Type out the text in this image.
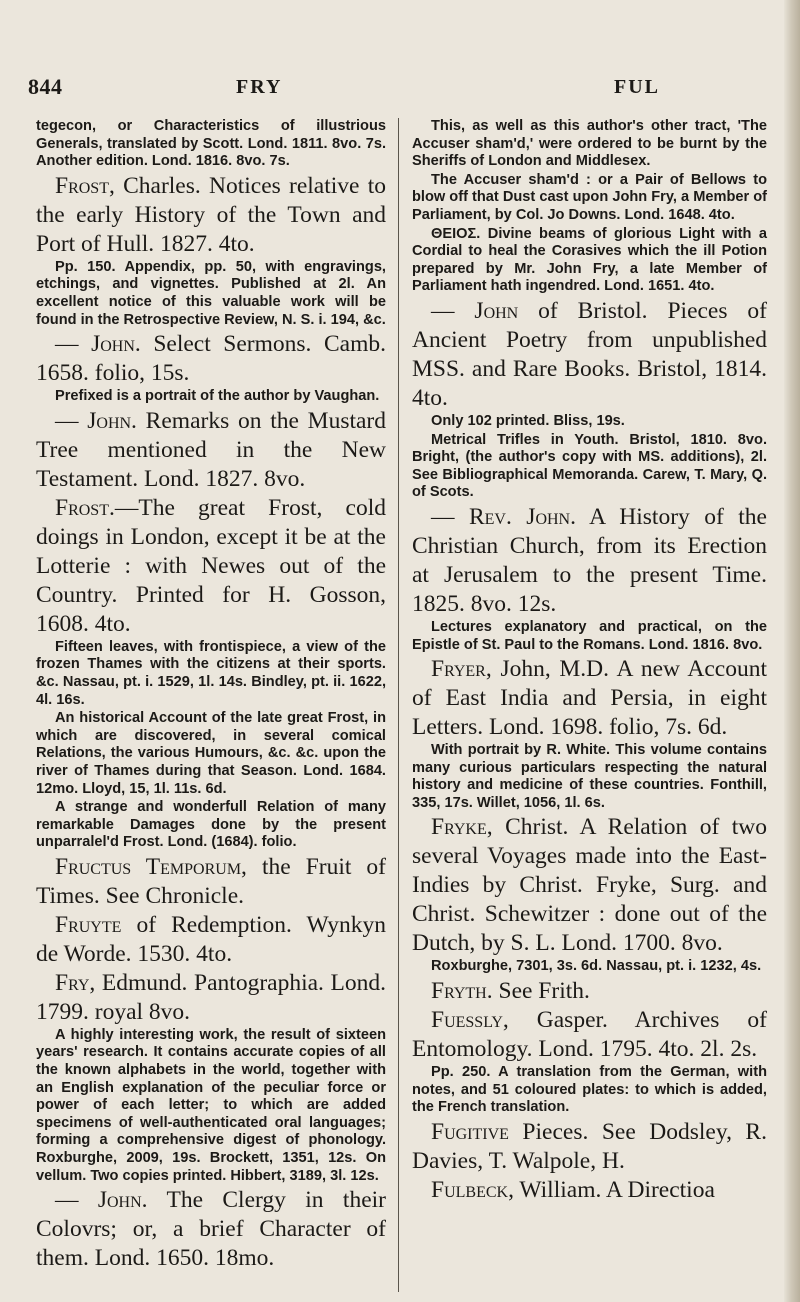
844	FRY	FUL

tegecon, or Characteristics of illustrious Generals, translated by Scott. Lond. 1811. 8vo. 7s. Another edition. Lond. 1816. 8vo. 7s.

Frost, Charles. Notices relative to the early History of the Town and Port of Hull. 1827. 4to.

Pp. 150. Appendix, pp. 50, with engravings, etchings, and vignettes. Published at 2l. An excellent notice of this valuable work will be found in the Retrospective Review, N. S. i. 194, &c.

— John. Select Sermons. Camb. 1658. folio, 15s.

Prefixed is a portrait of the author by Vaughan.

— John. Remarks on the Mustard Tree mentioned in the New Testament. Lond. 1827. 8vo.

Frost.—The great Frost, cold doings in London, except it be at the Lotterie : with Newes out of the Country. Printed for H. Gosson, 1608. 4to.

Fifteen leaves, with frontispiece, a view of the frozen Thames with the citizens at their sports. &c. Nassau, pt. i. 1529, 1l. 14s. Bindley, pt. ii. 1622, 4l. 16s.

An historical Account of the late great Frost, in which are discovered, in several comical Relations, the various Humours, &c. &c. upon the river of Thames during that Season. Lond. 1684. 12mo. Lloyd, 15, 1l. 11s. 6d.

A strange and wonderfull Relation of many remarkable Damages done by the present unparralel'd Frost. Lond. (1684). folio.

Fructus Temporum, the Fruit of Times. See Chronicle.

Fruyte of Redemption. Wynkyn de Worde. 1530. 4to.

Fry, Edmund. Pantographia. Lond. 1799. royal 8vo.

A highly interesting work, the result of sixteen years' research. It contains accurate copies of all the known alphabets in the world, together with an English explanation of the peculiar force or power of each letter; to which are added specimens of well-authenticated oral languages; forming a comprehensive digest of phonology. Roxburghe, 2009, 19s. Brockett, 1351, 12s. On vellum. Two copies printed. Hibbert, 3189, 3l. 12s.

— John. The Clergy in their Colovrs; or, a brief Character of them. Lond. 1650. 18mo.

This, as well as this author's other tract, 'The Accuser sham'd,' were ordered to be burnt by the Sheriffs of London and Middlesex.

The Accuser sham'd : or a Pair of Bellows to blow off that Dust cast upon John Fry, a Member of Parliament, by Col. Jo Downs. Lond. 1648. 4to.

ΘΕΙΟΣ. Divine beams of glorious Light with a Cordial to heal the Corasives which the ill Potion prepared by Mr. John Fry, a late Member of Parliament hath ingendred. Lond. 1651. 4to.

— John of Bristol. Pieces of Ancient Poetry from unpublished MSS. and Rare Books. Bristol, 1814. 4to.

Only 102 printed. Bliss, 19s.

Metrical Trifles in Youth. Bristol, 1810. 8vo. Bright, (the author's copy with MS. additions), 2l. See Bibliographical Memoranda. Carew, T. Mary, Q. of Scots.

— Rev. John. A History of the Christian Church, from its Erection at Jerusalem to the present Time. 1825. 8vo. 12s.

Lectures explanatory and practical, on the Epistle of St. Paul to the Romans. Lond. 1816. 8vo.

Fryer, John, M.D. A new Account of East India and Persia, in eight Letters. Lond. 1698. folio, 7s. 6d.

With portrait by R. White. This volume contains many curious particulars respecting the natural history and medicine of these countries. Fonthill, 335, 17s. Willet, 1056, 1l. 6s.

Fryke, Christ. A Relation of two several Voyages made into the East-Indies by Christ. Fryke, Surg. and Christ. Schewitzer : done out of the Dutch, by S. L. Lond. 1700. 8vo.

Roxburghe, 7301, 3s. 6d. Nassau, pt. i. 1232, 4s.

Fryth. See Frith.

Fuessly, Gasper. Archives of Entomology. Lond. 1795. 4to. 2l. 2s.

Pp. 250. A translation from the German, with notes, and 51 coloured plates: to which is added, the French translation.

Fugitive Pieces. See Dodsley, R. Davies, T. Walpole, H.

Fulbeck, William. A Directioa
